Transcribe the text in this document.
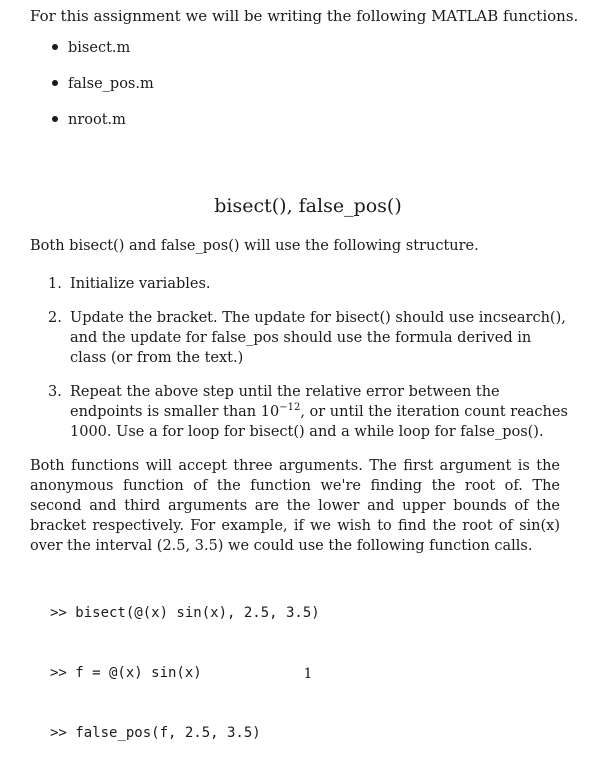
For this assignment we will be writing the following MATLAB functions.
bisect.m
false_pos.m
nroot.m
bisect(), false_pos()
Both bisect() and false_pos() will use the following structure.
1. Initialize variables.
2. Update the bracket. The update for bisect() should use incsearch(), and the update for false_pos should use the formula derived in class (or from the text.)
3. Repeat the above step until the relative error between the endpoints is smaller than $10^{-12}$, or until the iteration count reaches 1000. Use a for loop for bisect() and a while loop for false_pos().
Both functions will accept three arguments. The first argument is the anonymous function of the function we're finding the root of. The second and third arguments are the lower and upper bounds of the bracket respectively. For example, if we wish to find the root of sin(x) over the interval (2.5, 3.5) we could use the following function calls.

>> bisect(@(x) sin(x), 2.5, 3.5)

>> f = @(x) sin(x)

>> false_pos(f, 2.5, 3.5)

1
